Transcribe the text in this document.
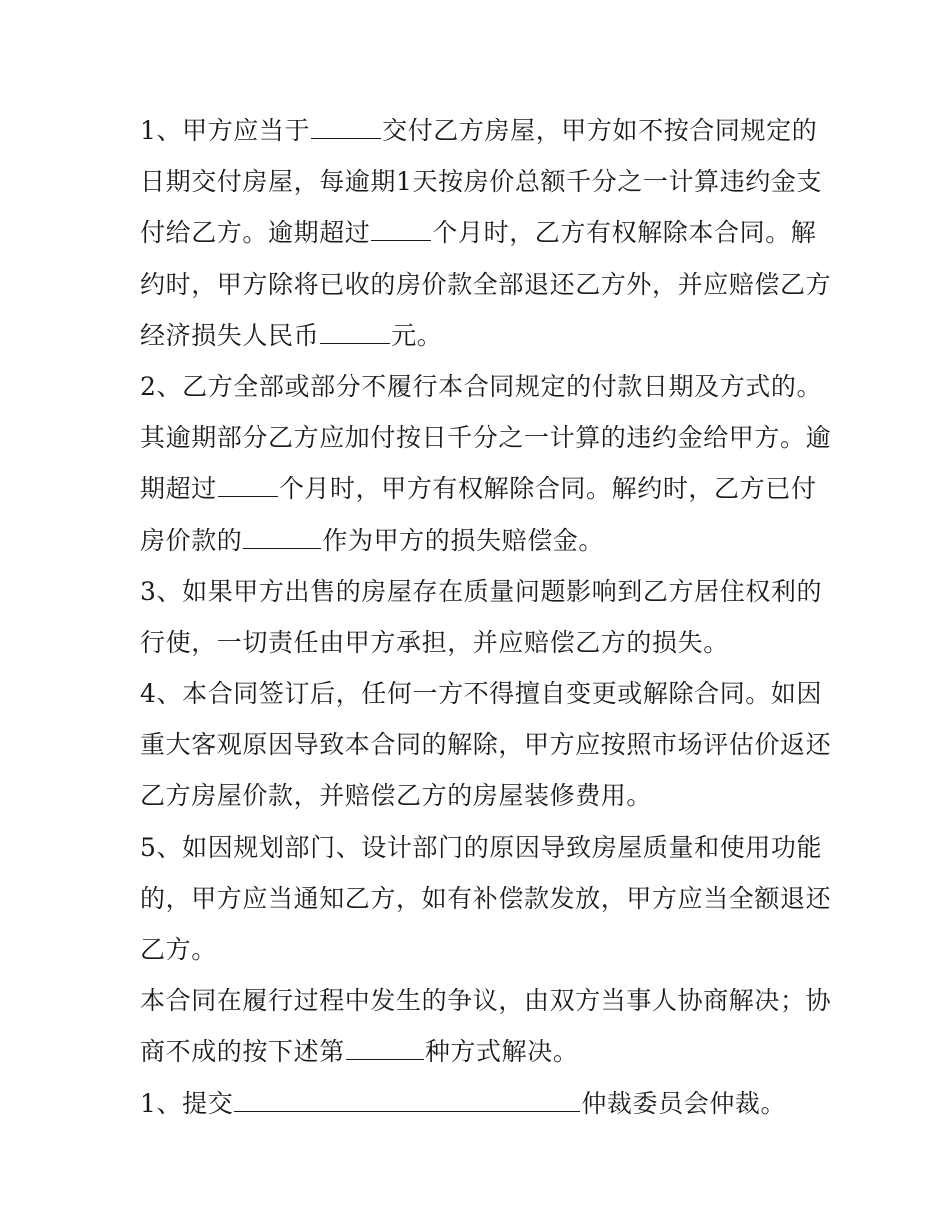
1、甲方应当于	交付乙方房屋，甲方如不按合同规定的
日期交付房屋，每逾期1天按房价总额千分之一计算违约金支
付给乙方。逾期超过 个月时，乙方有权解除本合同。解
约时，甲方除将已收的房价款全部退还乙方外，并应赔偿乙方
经济损失人民币	元。
2、乙方全部或部分不履行本合同规定的付款日期及方式的。
其逾期部分乙方应加付按日千分之一计算的违约金给甲方。逾
期超过 个月时，甲方有权解除合同。解约时，乙方已付
房价款的	作为甲方的损失赔偿金。
3、如果甲方出售的房屋存在质量问题影响到乙方居住权利的
行使，一切责任由甲方承担，并应赔偿乙方的损失。
4、本合同签订后，任何一方不得擅自变更或解除合同。如因
重大客观原因导致本合同的解除，甲方应按照市场评估价返还
乙方房屋价款，并赔偿乙方的房屋装修费用。
5、如因规划部门、设计部门的原因导致房屋质量和使用功能
的，甲方应当通知乙方，如有补偿款发放，甲方应当全额退还
乙方。
本合同在履行过程中发生的争议，由双方当事人协商解决；协
商不成的按下述第	种方式解决。
1、提交	仲裁委员会仲裁。
